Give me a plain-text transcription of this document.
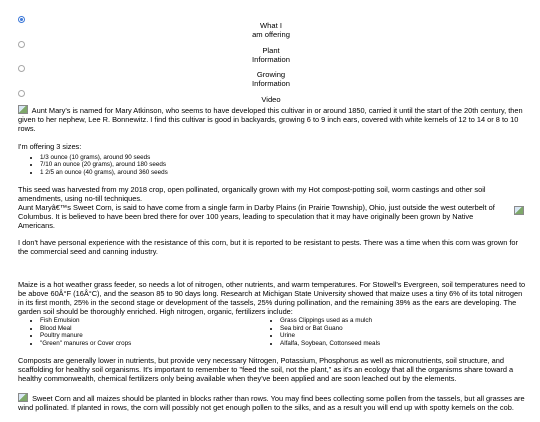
What I
am offering
Plant
Information
Growing
Information
Video

Aunt Mary's is named for Mary Atkinson, who seems to have developed this cultivar in or around 1850, carried it until the start of the 20th century, then given to her nephew, Lee R. Bonnewitz. I find this cultivar is good in backyards, growing 6 to 9 inch ears, covered with white kernels of 12 to 14 or 8 to 10 rows.

I'm offering 3 sizes:
• 1/3 ounce (10 grams), around 90 seeds
• 7/10 an ounce (20 grams), around 180 seeds
• 1 2/5 an ounce (40 grams), around 360 seeds

This seed was harvested from my 2018 crop, open pollinated, organically grown with my Hot compost-potting soil, worm castings and other soil amendments, using no-till techniques.

Aunt Maryâ€™s Sweet Corn, is said to have come from a single farm in Darby Plains (in Prairie Township), Ohio, just outside the west outerbelt of Columbus. It is believed to have been bred there for over 100 years, leading to speculation that it may have originally been grown by Native Americans.

I don't have personal experience with the resistance of this corn, but it is reported to be resistant to pests. There was a time when this corn was grown for the commercial seed and canning industry.

Maize is a hot weather grass feeder, so needs a lot of nitrogen, other nutrients, and warm temperatures. For Stowell's Evergreen, soil temperatures need to be above 60Â°F (16Â°C), and the season 85 to 90 days long. Research at Michigan State University showed that maize uses a tiny 6% of its total nitrogen in its first month, 25% in the second stage or development of the tassels, 25% during pollination, and the remaining 39% as the ears are developing. The garden soil should be thoroughly enriched. High nitrogen, organic, fertilizers include:
• Fish Emulsion	• Grass Clippings used as a mulch
• Blood Meal	• Sea bird or Bat Guano
• Poultry manure	• Urine
• "Green" manures or Cover crops	• Alfalfa, Soybean, Cottonseed meals

Composts are generally lower in nutrients, but provide very necessary Nitrogen, Potassium, Phosphorus as well as micronutrients, soil structure, and scaffolding for healthy soil organisms. It's important to remember to "feed the soil, not the plant," as it's an ecology that all the organisms share toward a healthy commonwealth, chemical fertilizers only being available when they've been applied and are soon leached out by the elements.

Sweet Corn and all maizes should be planted in blocks rather than rows. You may find bees collecting some pollen from the tassels, but all grasses are wind pollinated. If planted in rows, the corn will possibly not get enough pollen to the silks, and as a result you will end up with spotty kernels on the cob.
